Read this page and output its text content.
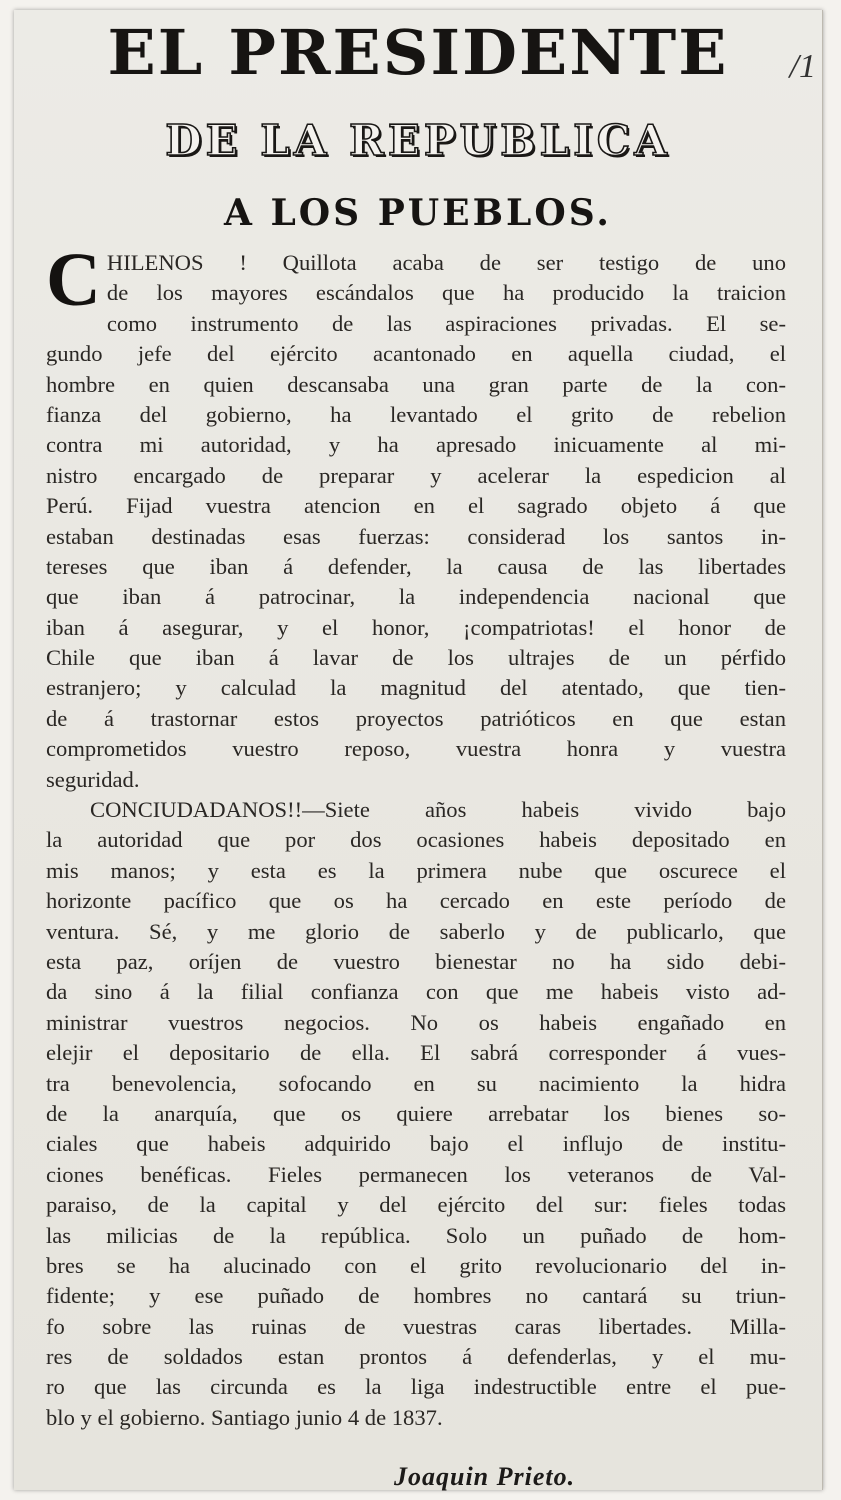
/1
EL PRESIDENTE
DE LA REPUBLICA
A LOS PUEBLOS.
C HILENOS ! Quillota acaba de ser testigo de uno
de los mayores escándalos que ha producido la traicion
como instrumento de las aspiraciones privadas. El se-
gundo jefe del ejército acantonado en aquella ciudad, el
hombre en quien descansaba una gran parte de la con-
fianza del gobierno, ha levantado el grito de rebelion
contra mi autoridad, y ha apresado inicuamente al mi-
nistro encargado de preparar y acelerar la espedicion al
Perú. Fijad vuestra atencion en el sagrado objeto á que
estaban destinadas esas fuerzas: considerad los santos in-
tereses que iban á defender, la causa de las libertades
que iban á patrocinar, la independencia nacional que
iban á asegurar, y el honor, ¡compatriotas! el honor de
Chile que iban á lavar de los ultrajes de un pérfido
estranjero; y calculad la magnitud del atentado, que tien-
de á trastornar estos proyectos patrióticos en que estan
comprometidos vuestro reposo, vuestra honra y vuestra
seguridad.
CONCIUDADANOS!!—Siete años habeis vivido bajo
la autoridad que por dos ocasiones habeis depositado en
mis manos; y esta es la primera nube que oscurece el
horizonte pacífico que os ha cercado en este período de
ventura. Sé, y me glorio de saberlo y de publicarlo, que
esta paz, oríjen de vuestro bienestar no ha sido debi-
da sino á la filial confianza con que me habeis visto ad-
ministrar vuestros negocios. No os habeis engañado en
elejir el depositario de ella. El sabrá corresponder á vues-
tra benevolencia, sofocando en su nacimiento la hidra
de la anarquía, que os quiere arrebatar los bienes so-
ciales que habeis adquirido bajo el influjo de institu-
ciones benéficas. Fieles permanecen los veteranos de Val-
paraiso, de la capital y del ejército del sur: fieles todas
las milicias de la república. Solo un puñado de hom-
bres se ha alucinado con el grito revolucionario del in-
fidente; y ese puñado de hombres no cantará su triun-
fo sobre las ruinas de vuestras caras libertades. Milla-
res de soldados estan prontos á defenderlas, y el mu-
ro que las circunda es la liga indestructible entre el pue-
blo y el gobierno. Santiago junio 4 de 1837.
Joaquin Prieto.
